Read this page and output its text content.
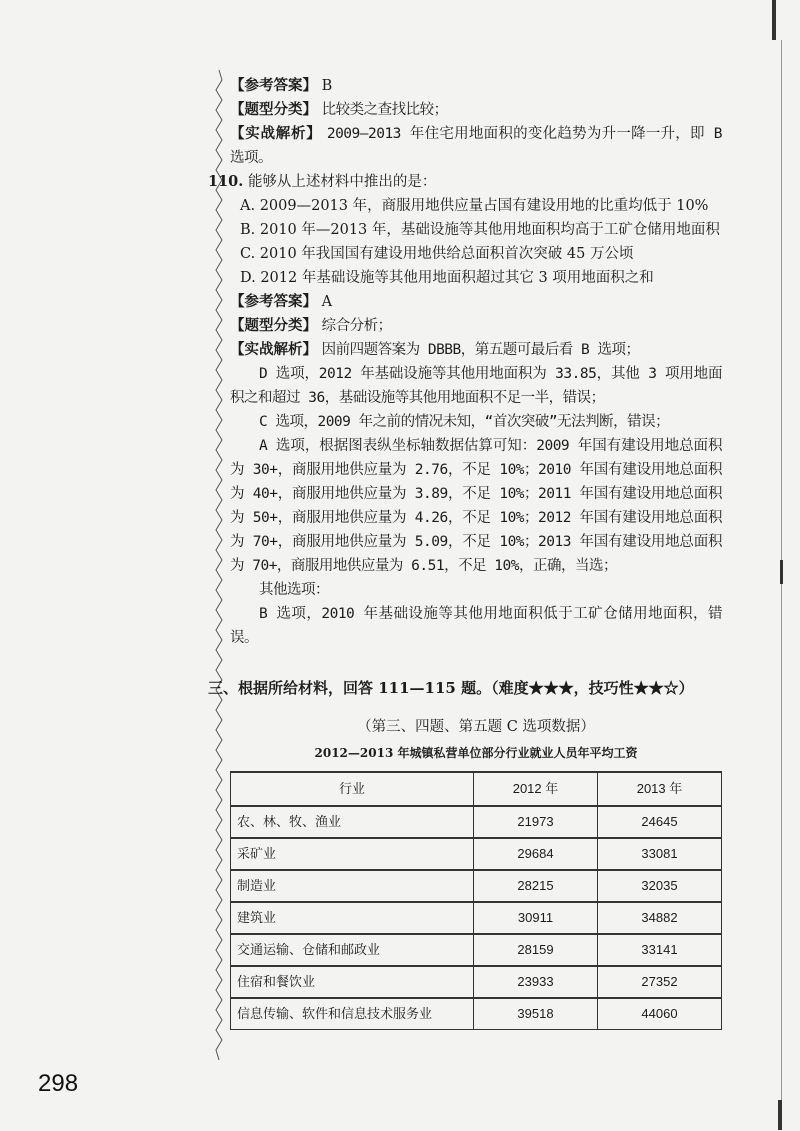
【参考答案】 B

【题型分类】 比较类之查找比较；

【实战解析】 2009—2013 年住宅用地面积的变化趋势为升一降一升，即 B 选项。

110. 能够从上述材料中推出的是：

A. 2009—2013 年，商服用地供应量占国有建设用地的比重均低于 10%

B. 2010 年—2013 年，基础设施等其他用地面积均高于工矿仓储用地面积

C. 2010 年我国国有建设用地供给总面积首次突破 45 万公顷

D. 2012 年基础设施等其他用地面积超过其它 3 项用地面积之和

【参考答案】 A

【题型分类】 综合分析；

【实战解析】 因前四题答案为 DBBB，第五题可最后看 B 选项；

D 选项，2012 年基础设施等其他用地面积为 33.85，其他 3 项用地面积之和超过 36，基础设施等其他用地面积不足一半，错误；

C 选项，2009 年之前的情况未知，“首次突破”无法判断，错误；

A 选项，根据图表纵坐标轴数据估算可知：2009 年国有建设用地总面积为 30+，商服用地供应量为 2.76，不足 10%；2010 年国有建设用地总面积为 40+，商服用地供应量为 3.89，不足 10%；2011 年国有建设用地总面积为 50+，商服用地供应量为 4.26，不足 10%；2012 年国有建设用地总面积为 70+，商服用地供应量为 5.09，不足 10%；2013 年国有建设用地总面积为 70+，商服用地供应量为 6.51，不足 10%，正确，当选；

其他选项：

B 选项，2010 年基础设施等其他用地面积低于工矿仓储用地面积，错误。

三、根据所给材料，回答 111—115 题。（难度★★★，技巧性★★☆）

（第三、四题、第五题 C 选项数据）

2012—2013 年城镇私营单位部分行业就业人员年平均工资

行业	2012 年	2013 年
农、林、牧、渔业	21973	24645
采矿业	29684	33081
制造业	28215	32035
建筑业	30911	34882
交通运输、仓储和邮政业	28159	33141
住宿和餐饮业	23933	27352
信息传输、软件和信息技术服务业	39518	44060
298
